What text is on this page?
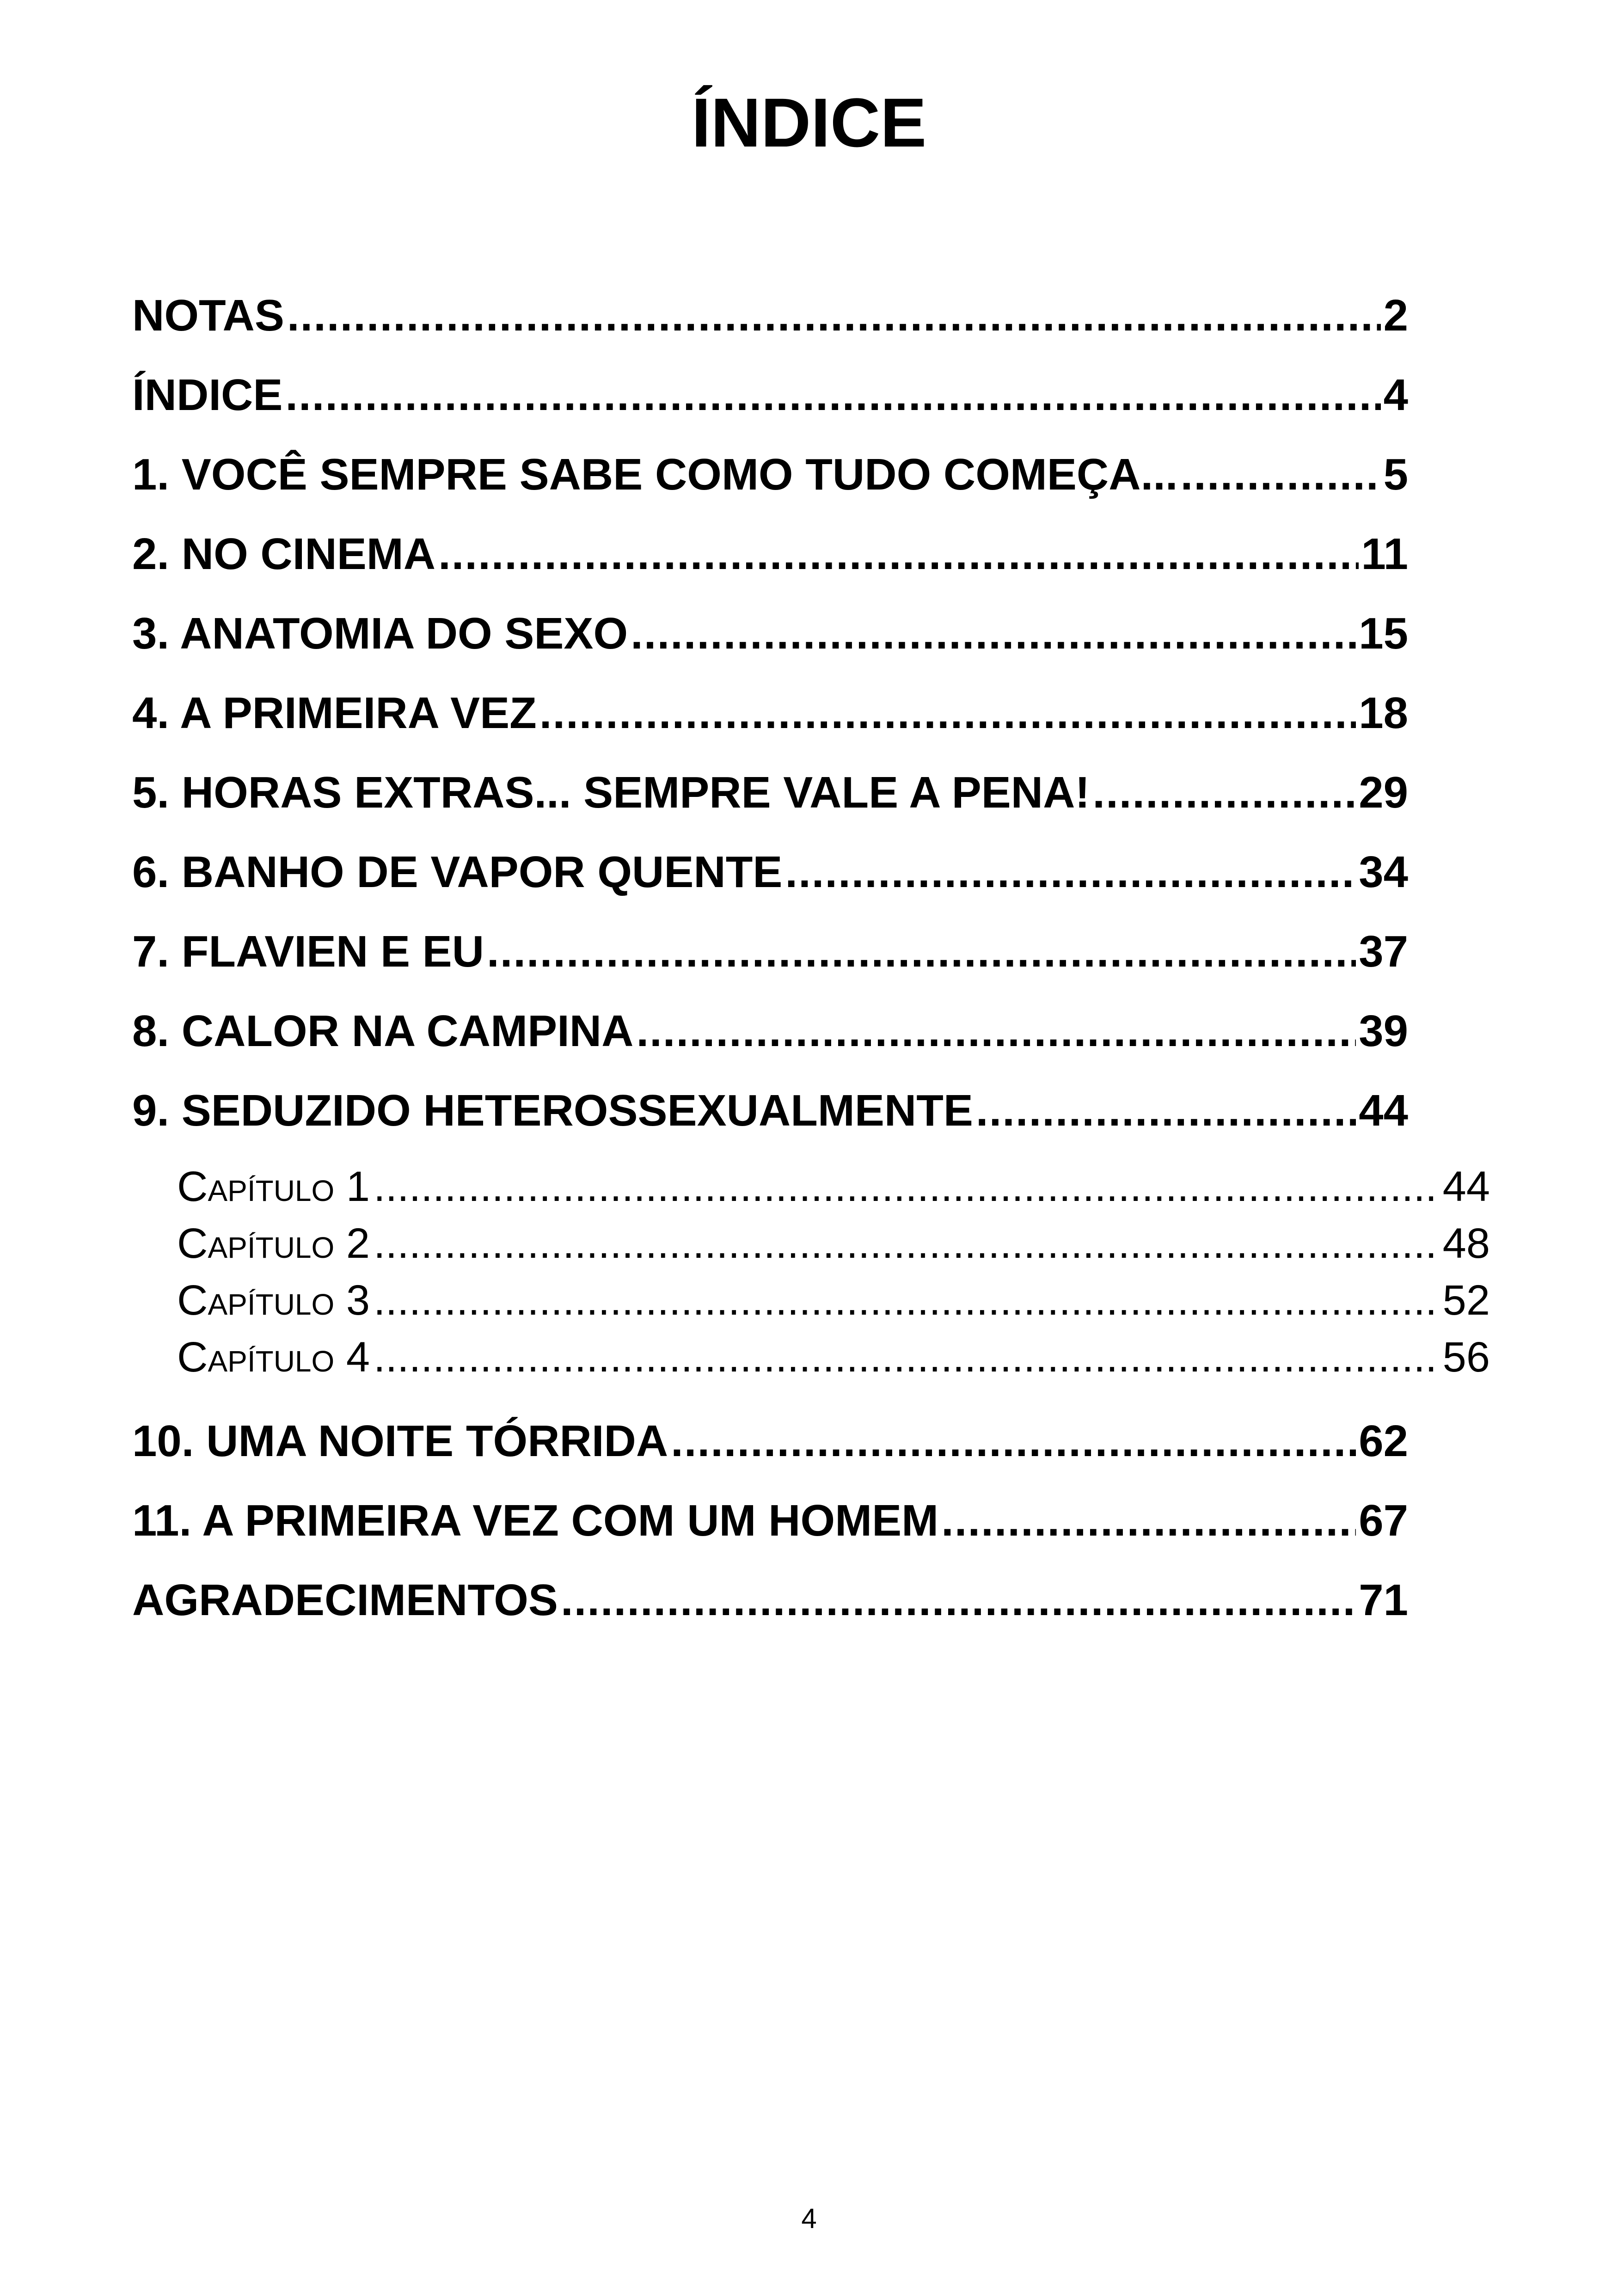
ÍNDICE
NOTAS .....	2
ÍNDICE .....	4
1. VOCÊ SEMPRE SABE COMO TUDO COMEÇA... .....	5
2. NO CINEMA .....	11
3. ANATOMIA DO SEXO .....	15
4. A PRIMEIRA VEZ .....	18
5. HORAS EXTRAS... SEMPRE VALE A PENA! .....	29
6. BANHO DE VAPOR QUENTE .....	34
7. FLAVIEN E EU .....	37
8. CALOR NA CAMPINA .....	39
9. SEDUZIDO HETEROSSEXUALMENTE .....	44
Capítulo 1 .....	44
Capítulo 2 .....	48
Capítulo 3 .....	52
Capítulo 4 .....	56
10. UMA NOITE TÓRRIDA .....	62
11. A PRIMEIRA VEZ COM UM HOMEM .....	67
AGRADECIMENTOS .....	71
4
